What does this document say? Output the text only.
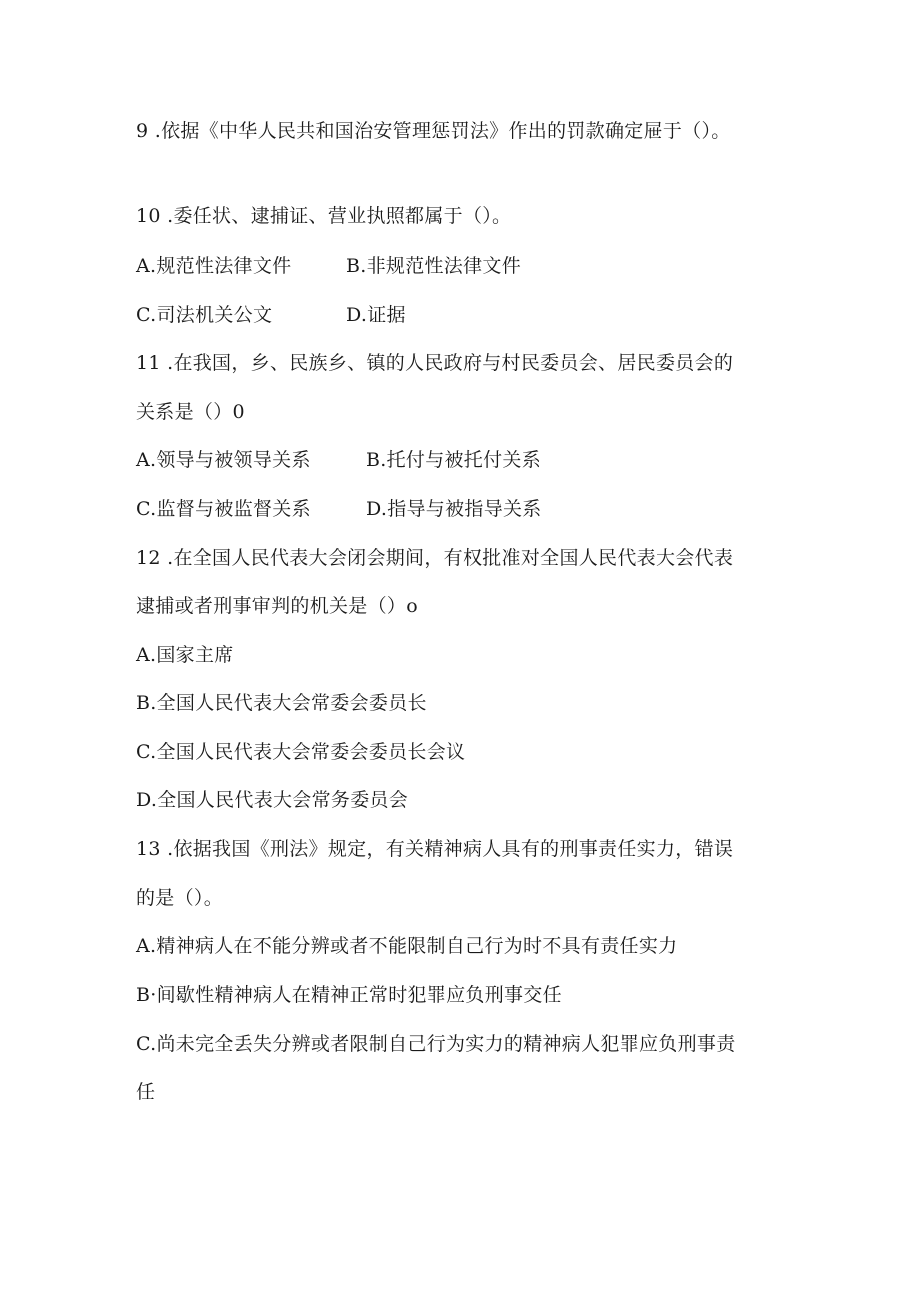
9 .依据《中华人民共和国治安管理惩罚法》作出的罚款确定屉于（）。
10 .委任状、逮捕证、营业执照都属于（）。
A.规范性法律文件	B.非规范性法律文件
C.司法机关公文	D.证据
11 .在我国，乡、民族乡、镇的人民政府与村民委员会、居民委员会的
关系是（）0
A.领导与被领导关系	B.托付与被托付关系
C.监督与被监督关系	D.指导与被指导关系
12 .在全国人民代表大会闭会期间，有权批准对全国人民代表大会代表
逮捕或者刑事审判的机关是（）o
A.国家主席
B.全国人民代表大会常委会委员长
C.全国人民代表大会常委会委员长会议
D.全国人民代表大会常务委员会
13 .依据我国《刑法》规定，有关精神病人具有的刑事责任实力，错误
的是（）。
A.精神病人在不能分辨或者不能限制自己行为时不具有责任实力
B·间歇性精神病人在精神正常时犯罪应负刑事交任
C.尚未完全丢失分辨或者限制自己行为实力的精神病人犯罪应负刑事责
任
